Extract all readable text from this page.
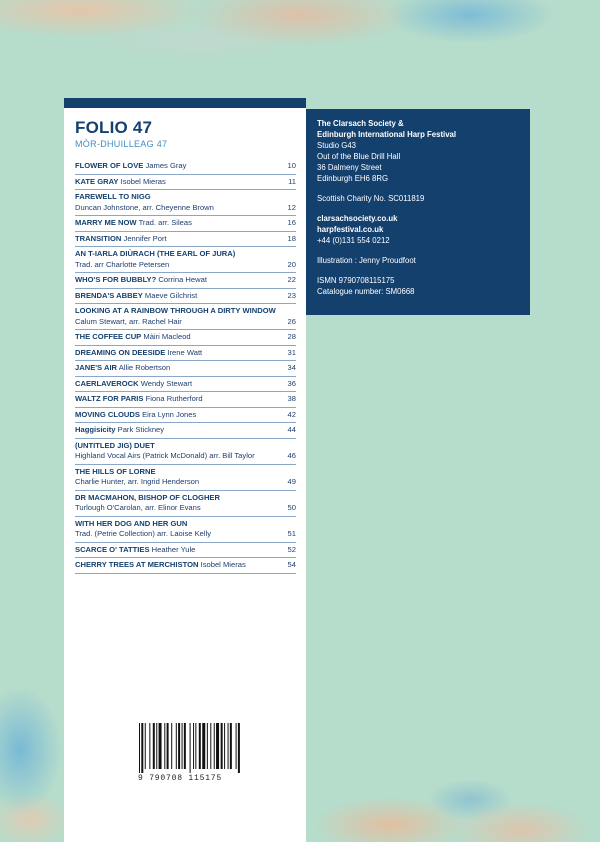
FOLIO 47
MÒR-DHUILLEAG 47
FLOWER OF LOVE James Gray	10
KATE GRAY Isobel Mieras	11
FAREWELL TO NIGG
Duncan Johnstone, arr. Cheyenne Brown	12
MARRY ME NOW Trad. arr. Sileas	16
TRANSITION Jennifer Port	18
AN T-IARLA DIÙRACH (THE EARL OF JURA)
Trad. arr Charlotte Petersen	20
WHO'S FOR BUBBLY? Corrina Hewat	22
BRENDA'S ABBEY Maeve Gilchrist	23
LOOKING AT A RAINBOW THROUGH A DIRTY WINDOW
Calum Stewart, arr. Rachel Hair	26
THE COFFEE CUP Màiri Macleod	28
DREAMING ON DEESIDE Irene Watt	31
JANE'S AIR Allie Robertson	34
CAERLAVEROCK Wendy Stewart	36
WALTZ FOR PARIS Fiona Rutherford	38
MOVING CLOUDS Eira Lynn Jones	42
Haggisicity Park Stickney	44
(UNTITLED JIG) DUET
Highland Vocal Airs (Patrick McDonald) arr. Bill Taylor	46
THE HILLS OF LORNE
Charlie Hunter, arr. Ingrid Henderson	49
DR MACMAHON, BISHOP OF CLOGHER
Turlough O'Carolan, arr. Elinor Evans	50
WITH HER DOG AND HER GUN
Trad. (Petrie Collection) arr. Laoise Kelly	51
SCARCE O' TATTIES Heather Yule	52
CHERRY TREES AT MERCHISTON Isobel Mieras	54
9 790708 115175
The Clarsach Society &
Edinburgh International Harp Festival
Studio G43
Out of the Blue Drill Hall
36 Dalmeny Street
Edinburgh EH6 8RG
Scottish Charity No. SC011819
clarsachsociety.co.uk
harpfestival.co.uk
+44 (0)131 554 0212
Illustration : Jenny Proudfoot
ISMN 9790708115175
Catalogue number: SM0668
